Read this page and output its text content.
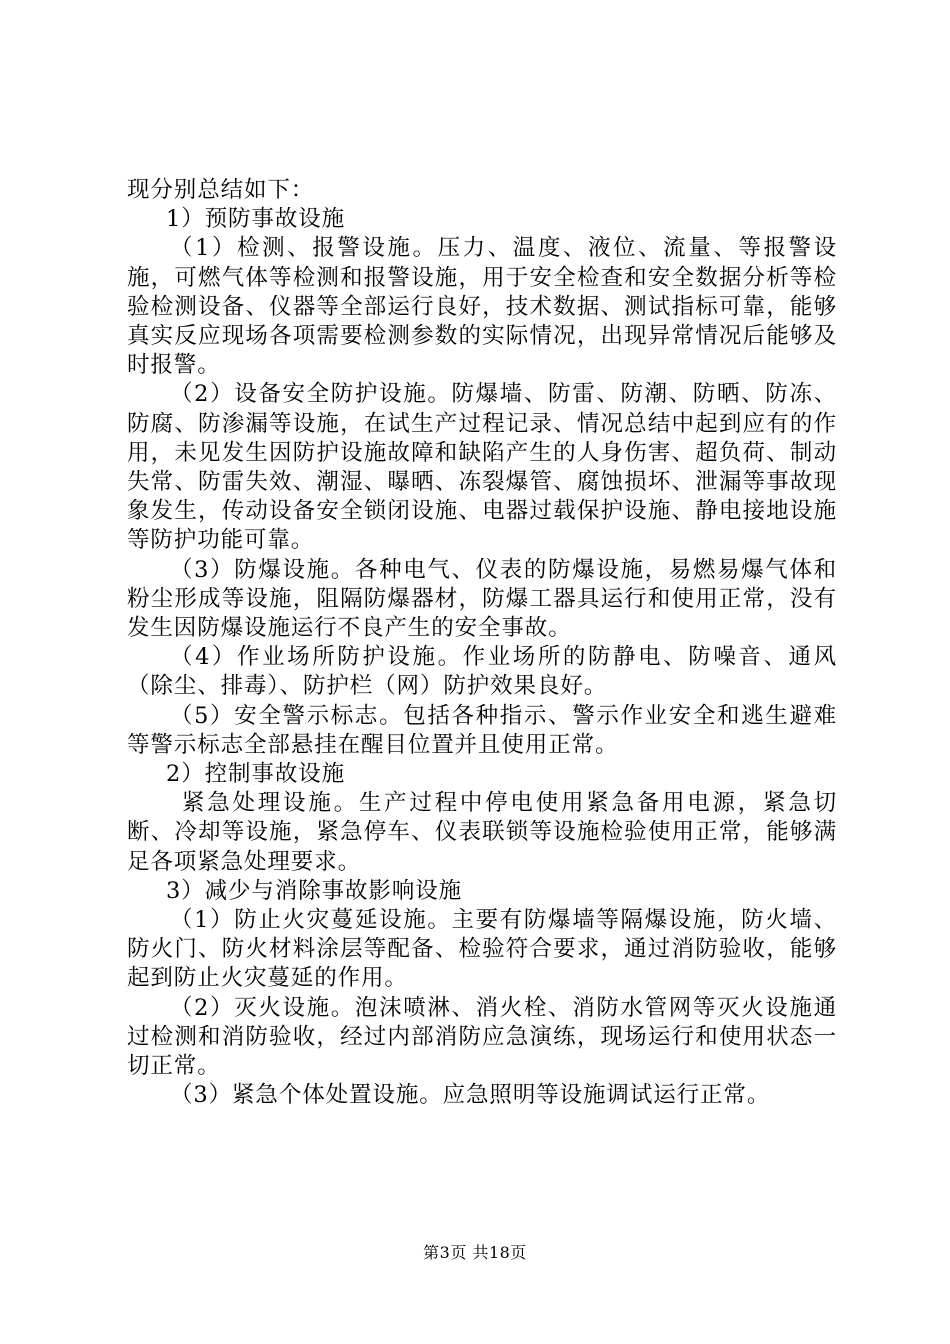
现分别总结如下：

1）预防事故设施

（1）检测、报警设施。压力、温度、液位、流量、等报警设施，可燃气体等检测和报警设施，用于安全检查和安全数据分析等检验检测设备、仪器等全部运行良好，技术数据、测试指标可靠，能够真实反应现场各项需要检测参数的实际情况，出现异常情况后能够及时报警。

（2）设备安全防护设施。防爆墙、防雷、防潮、防晒、防冻、防腐、防渗漏等设施，在试生产过程记录、情况总结中起到应有的作用，未见发生因防护设施故障和缺陷产生的人身伤害、超负荷、制动失常、防雷失效、潮湿、曝晒、冻裂爆管、腐蚀损坏、泄漏等事故现象发生，传动设备安全锁闭设施、电器过载保护设施、静电接地设施等防护功能可靠。

（3）防爆设施。各种电气、仪表的防爆设施，易燃易爆气体和粉尘形成等设施，阻隔防爆器材，防爆工器具运行和使用正常，没有发生因防爆设施运行不良产生的安全事故。

（4）作业场所防护设施。作业场所的防静电、防噪音、通风（除尘、排毒）、防护栏（网）防护效果良好。

（5）安全警示标志。包括各种指示、警示作业安全和逃生避难等警示标志全部悬挂在醒目位置并且使用正常。

2）控制事故设施

紧急处理设施。生产过程中停电使用紧急备用电源，紧急切断、冷却等设施，紧急停车、仪表联锁等设施检验使用正常，能够满足各项紧急处理要求。

3）减少与消除事故影响设施

（1）防止火灾蔓延设施。主要有防爆墙等隔爆设施，防火墙、防火门、防火材料涂层等配备、检验符合要求，通过消防验收，能够起到防止火灾蔓延的作用。

（2）灭火设施。泡沫喷淋、消火栓、消防水管网等灭火设施通过检测和消防验收，经过内部消防应急演练，现场运行和使用状态一切正常。

（3）紧急个体处置设施。应急照明等设施调试运行正常。

第3页 共18页
